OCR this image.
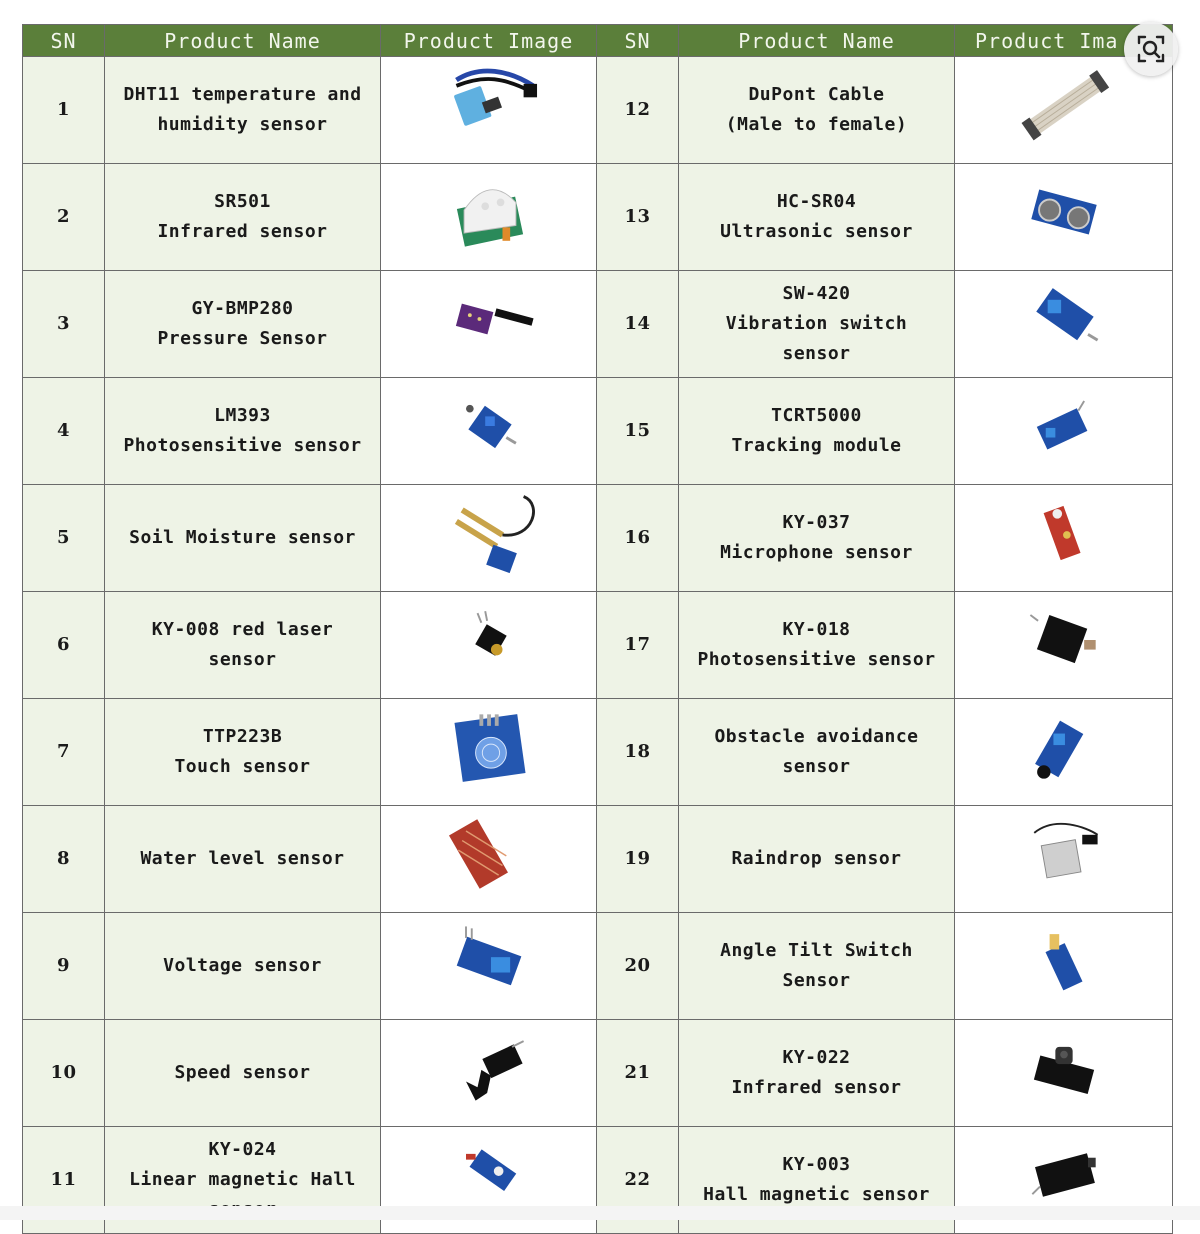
SN	Product Name	Product Image	SN	Product Name	Product Ima
1	DHT11 temperature and
humidity sensor		12	DuPont Cable
(Male to female)

2	SR501
Infrared sensor		13	HC-SR04
Ultrasonic sensor

3	GY-BMP280
Pressure Sensor		14	SW-420
Vibration switch
sensor

4	LM393
Photosensitive sensor		15	TCRT5000
Tracking module

5	Soil Moisture sensor		16	KY-037
Microphone sensor

6	KY-008 red laser
sensor		17	KY-018
Photosensitive sensor

7	TTP223B
Touch sensor		18	Obstacle avoidance
sensor

8	Water level sensor		19	Raindrop sensor

9	Voltage sensor		20	Angle Tilt Switch
Sensor

10	Speed sensor		21	KY-022
Infrared sensor

11	KY-024
Linear magnetic Hall		22	KY-003
Hall magnetic sensor
